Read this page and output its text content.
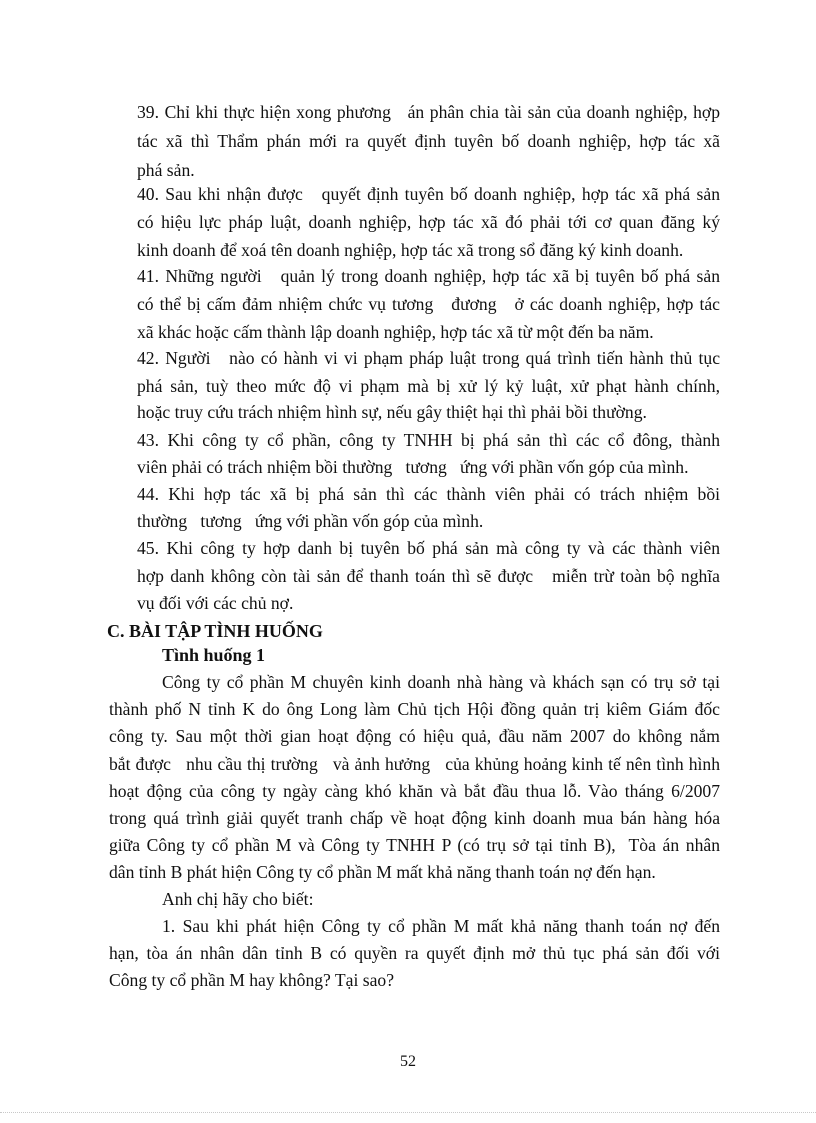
39. Chỉ khi thực hiện xong phương   án phân chia tài sản của doanh nghiệp, hợp
tác xã thì Thẩm phán mới ra quyết định tuyên bố doanh nghiệp, hợp tác xã
phá sản.
40. Sau khi nhận được   quyết định tuyên bố doanh nghiệp, hợp tác xã phá sản
có hiệu lực pháp luật, doanh nghiệp, hợp tác xã đó phải tới cơ quan đăng ký
kinh doanh để xoá tên doanh nghiệp, hợp tác xã trong sổ đăng ký kinh doanh.
41. Những người   quản lý trong doanh nghiệp, hợp tác xã bị tuyên bố phá sản
có thể bị cấm đảm nhiệm chức vụ tương   đương   ở các doanh nghiệp, hợp tác
xã khác hoặc cấm thành lập doanh nghiệp, hợp tác xã từ một đến ba năm.
42. Người   nào có hành vi vi phạm pháp luật trong quá trình tiến hành thủ tục
phá sản, tuỳ theo mức độ vi phạm mà bị xử lý kỷ luật, xử phạt hành chính,
hoặc truy cứu trách nhiệm hình sự, nếu gây thiệt hại thì phải bồi thường.
43. Khi công ty cổ phần, công ty TNHH bị phá sản thì các cổ đông, thành
viên phải có trách nhiệm bồi thường   tương   ứng với phần vốn góp của mình.
44. Khi hợp tác xã bị phá sản thì các thành viên phải có trách nhiệm bồi
thường   tương   ứng với phần vốn góp của mình.
45. Khi công ty hợp danh bị tuyên bố phá sản mà công ty và các thành viên
hợp danh không còn tài sản để thanh toán thì sẽ được   miễn trừ toàn bộ nghĩa
vụ đối với các chủ nợ.
C. BÀI TẬP TÌNH HUỐNG
Tình huống 1
Công ty cổ phần M chuyên kinh doanh nhà hàng và khách sạn có trụ sở tại
thành phố N tỉnh K do ông Long làm Chủ tịch Hội đồng quản trị kiêm Giám đốc
công ty. Sau một thời gian hoạt động có hiệu quả, đầu năm 2007 do không nắm
bắt được   nhu cầu thị trường   và ảnh hưởng   của khủng hoảng kinh tế nên tình hình
hoạt động của công ty ngày càng khó khăn và bắt đầu thua lỗ. Vào tháng 6/2007
trong quá trình giải quyết tranh chấp về hoạt động kinh doanh mua bán hàng hóa
giữa Công ty cổ phần M và Công ty TNHH P (có trụ sở tại tỉnh B),  Tòa án nhân
dân tỉnh B phát hiện Công ty cổ phần M mất khả năng thanh toán nợ đến hạn.
Anh chị hãy cho biết:
1. Sau khi phát hiện Công ty cổ phần M mất khả năng thanh toán nợ đến
hạn, tòa án nhân dân tỉnh B có quyền ra quyết định mở thủ tục phá sản đối với
Công ty cổ phần M hay không? Tại sao?
52
